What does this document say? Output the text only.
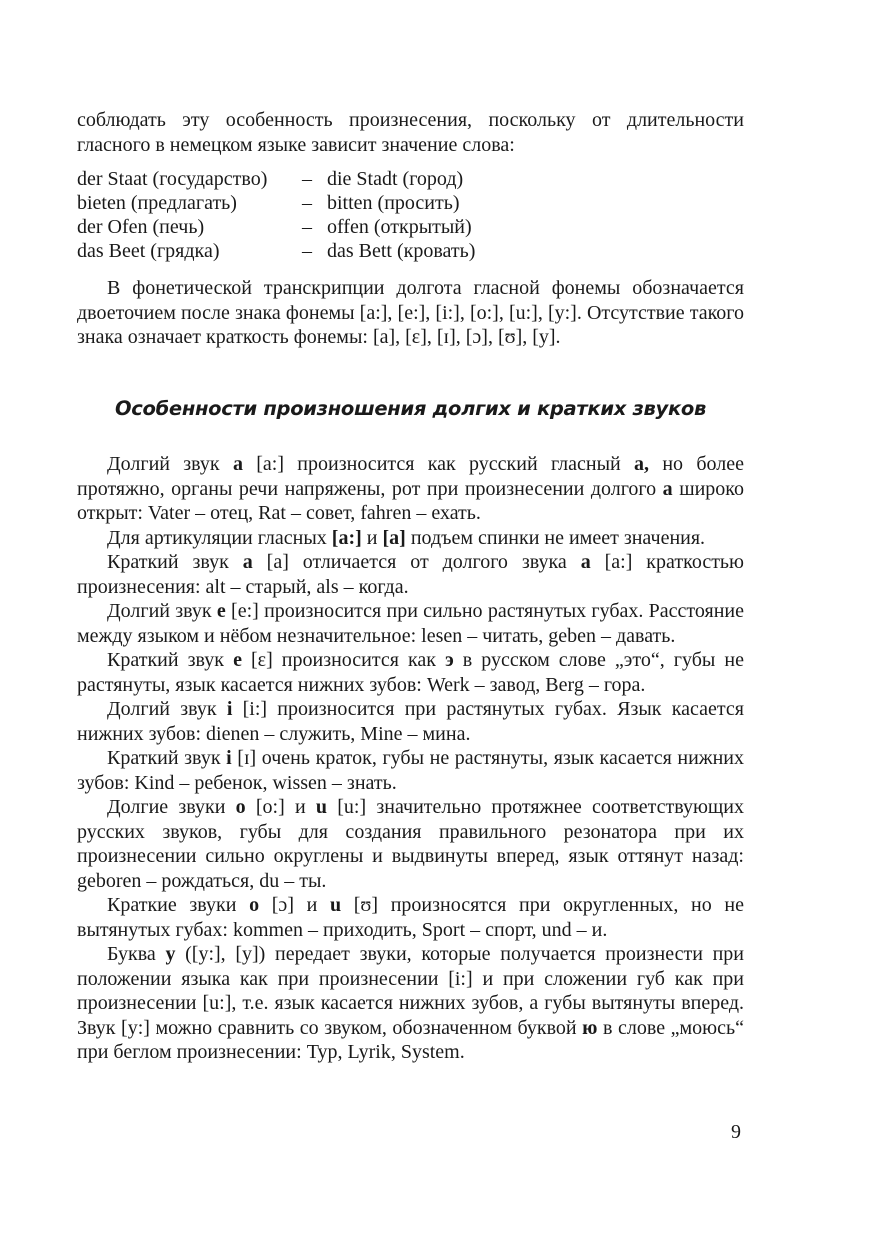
соблюдать эту особенность произнесения, поскольку от длительности гласного в немецком языке зависит значение слова:

der Staat (государство)	–	die Stadt (город)
bieten (предлагать)	–	bitten (просить)
der Ofen (печь)	–	offen (открытый)
das Beet (грядка)	–	das Bett (кровать)

В фонетической транскрипции долгота гласной фонемы обозначается двоеточием после знака фонемы [a:], [e:], [i:], [o:], [u:], [y:]. Отсутствие такого знака означает краткость фонемы: [a], [ɛ], [ɪ], [ɔ], [ʊ], [y].

Особенности произношения долгих и кратких звуков

Долгий звук a [a:] произносится как русский гласный a, но более протяжно, органы речи напряжены, рот при произнесении долгого a широко открыт: Vater – отец, Rat – совет, fahren – ехать.

Для артикуляции гласных [a:] и [a] подъем спинки не имеет значения.

Краткий звук a [a] отличается от долгого звука a [a:] краткостью произнесения: alt – старый, als – когда.

Долгий звук e [e:] произносится при сильно растянутых губах. Расстояние между языком и нёбом незначительное: lesen – читать, geben – давать.

Краткий звук e [ɛ] произносится как э в русском слове „это“, губы не растянуты, язык касается нижних зубов: Werk – завод, Berg – гора.

Долгий звук i [i:] произносится при растянутых губах. Язык касается нижних зубов: dienen – служить, Mine – мина.

Краткий звук i [ɪ] очень краток, губы не растянуты, язык касается нижних зубов: Kind – ребенок, wissen – знать.

Долгие звуки o [o:] и u [u:] значительно протяжнее соответствующих русских звуков, губы для создания правильного резонатора при их произнесении сильно округлены и выдвинуты вперед, язык оттянут назад: geboren – рождаться, du – ты.

Краткие звуки o [ɔ] и u [ʊ] произносятся при округленных, но не вытянутых губах: kommen – приходить, Sport – спорт, und – и.

Буква y ([y:], [y]) передает звуки, которые получается произнести при положении языка как при произнесении [i:] и при сложении губ как при произнесении [u:], т.е. язык касается нижних зубов, а губы вытянуты вперед. Звук [y:] можно сравнить со звуком, обозначенном буквой ю в слове „моюсь“ при беглом произнесении: Typ, Lyrik, System.

9
